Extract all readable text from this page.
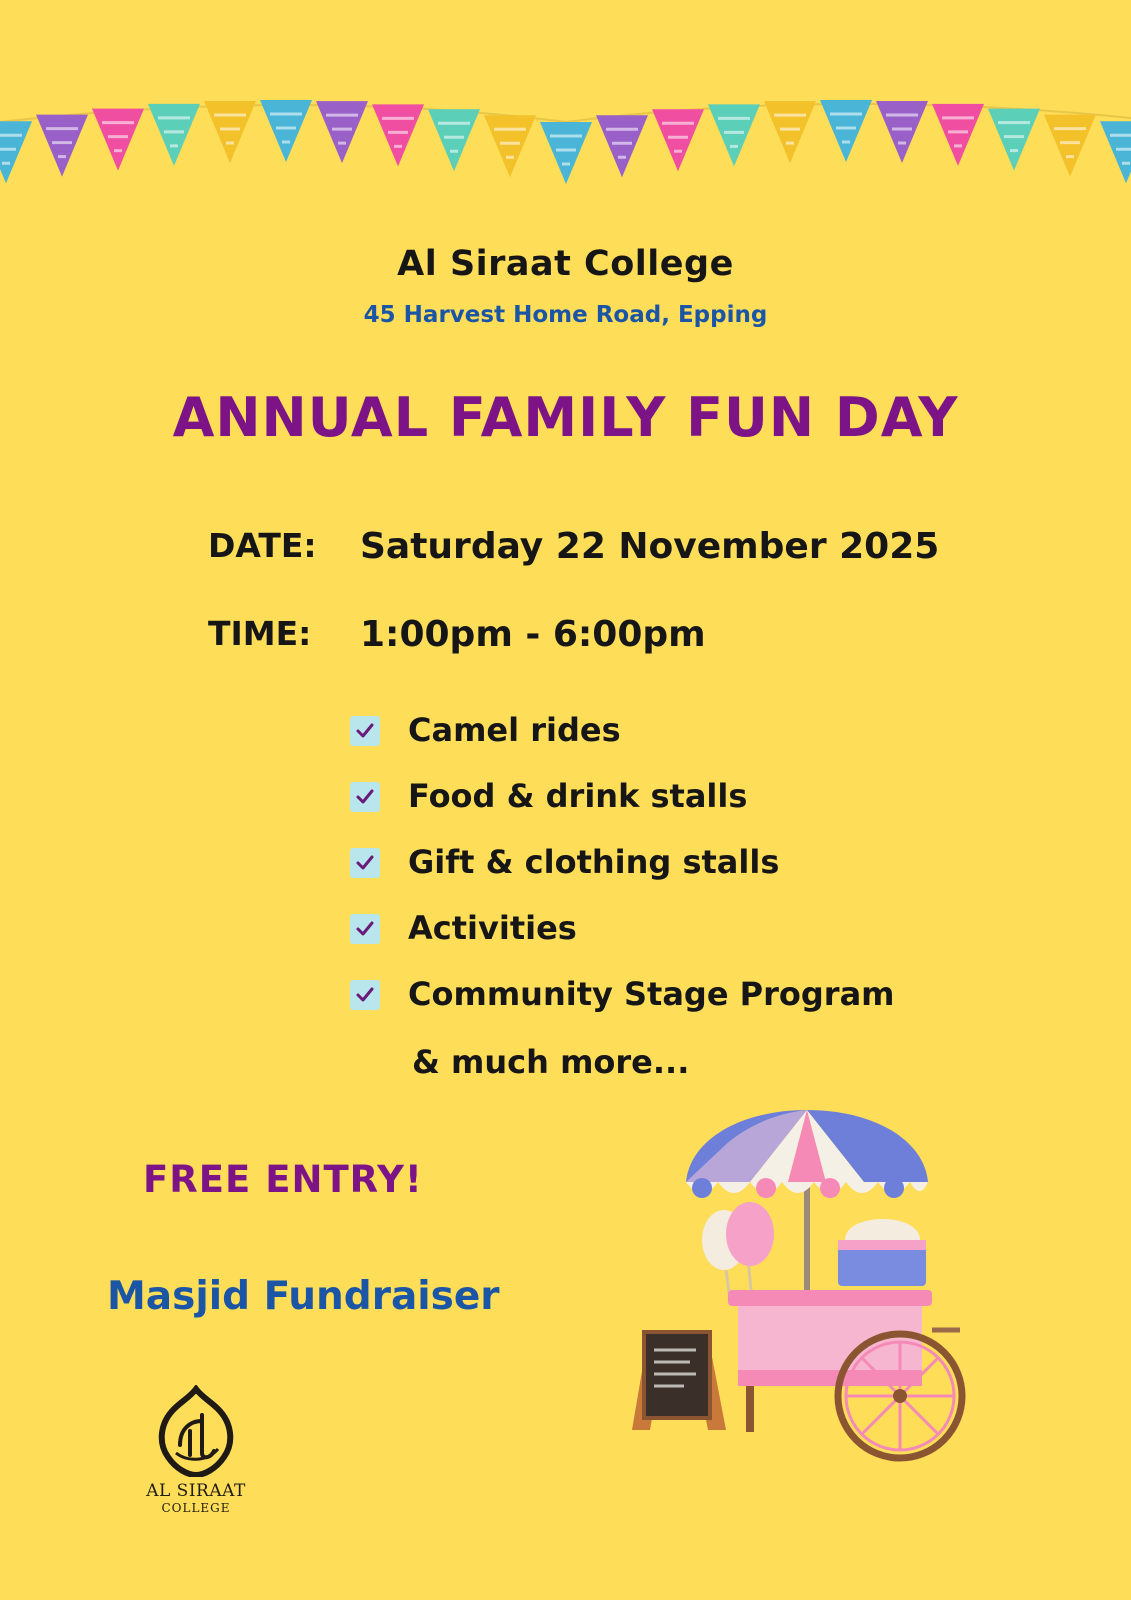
Al Siraat College
45 Harvest Home Road, Epping
ANNUAL FAMILY FUN DAY
DATE: Saturday 22 November 2025
TIME: 1:00pm - 6:00pm
Camel rides
Food & drink stalls
Gift & clothing stalls
Activities
Community Stage Program
& much more...
FREE ENTRY!
Masjid Fundraiser
AL SIRAAT
COLLEGE
